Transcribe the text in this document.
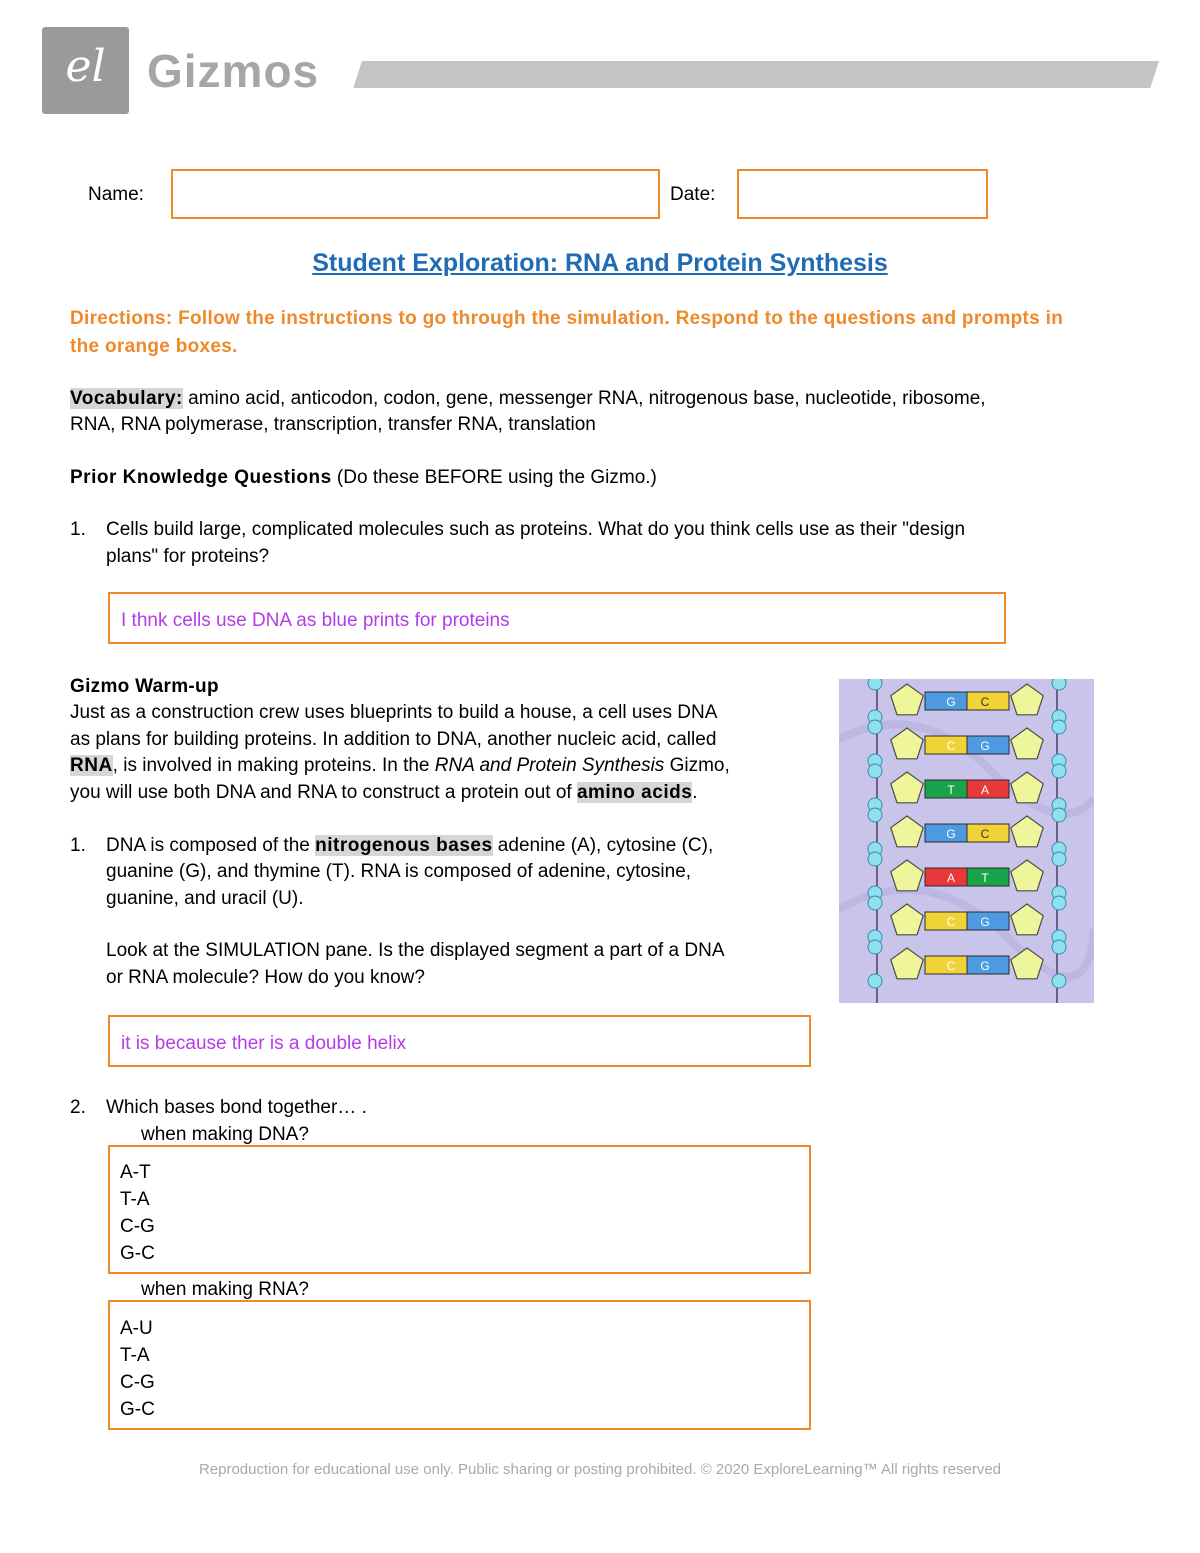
el Gizmos
Name:	Date:
Student Exploration: RNA and Protein Synthesis
Directions: Follow the instructions to go through the simulation. Respond to the questions and prompts in the orange boxes.
Vocabulary: amino acid, anticodon, codon, gene, messenger RNA, nitrogenous base, nucleotide, ribosome,
RNA, RNA polymerase, transcription, transfer RNA, translation
Prior Knowledge Questions (Do these BEFORE using the Gizmo.)
1. Cells build large, complicated molecules such as proteins. What do you think cells use as their "design
plans" for proteins?
I thnk cells use DNA as blue prints for proteins
Gizmo Warm-up
Just as a construction crew uses blueprints to build a house, a cell uses DNA
as plans for building proteins. In addition to DNA, another nucleic acid, called
RNA, is involved in making proteins. In the RNA and Protein Synthesis Gizmo,
you will use both DNA and RNA to construct a protein out of amino acids.
1. DNA is composed of the nitrogenous bases adenine (A), cytosine (C),
guanine (G), and thymine (T). RNA is composed of adenine, cytosine,
guanine, and uracil (U).
Look at the SIMULATION pane. Is the displayed segment a part of a DNA
or RNA molecule? How do you know?
it is because ther is a double helix
2. Which bases bond together… .
when making DNA?
A-T
T-A
C-G
G-C
when making RNA?
A-U
T-A
C-G
G-C
G C
C G
T A
G C
A T
C G
C G
Reproduction for educational use only. Public sharing or posting prohibited. © 2020 ExploreLearning™ All rights reserved
